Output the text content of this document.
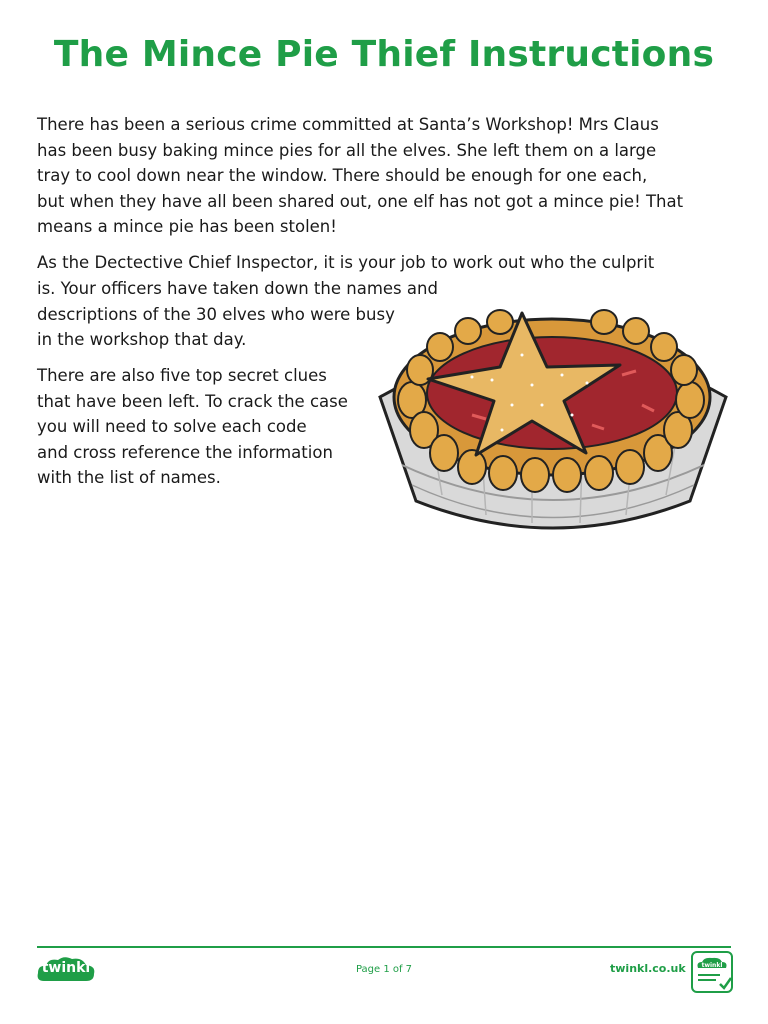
The Mince Pie Thief Instructions

There has been a serious crime committed at Santa’s Workshop! Mrs Claus
has been busy baking mince pies for all the elves. She left them on a large
tray to cool down near the window. There should be enough for one each,
but when they have all been shared out, one elf has not got a mince pie! That
means a mince pie has been stolen!

As the Dectective Chief Inspector, it is your job to work out who the culprit

is. Your officers have taken down the names and
descriptions of the 30 elves who were busy
in the workshop that day.

There are also five top secret clues
that have been left. To crack the case
you will need to solve each code
and cross reference the information
with the list of names.

twinkl	Page 1 of 7	twinkl.co.uk	twinkl
